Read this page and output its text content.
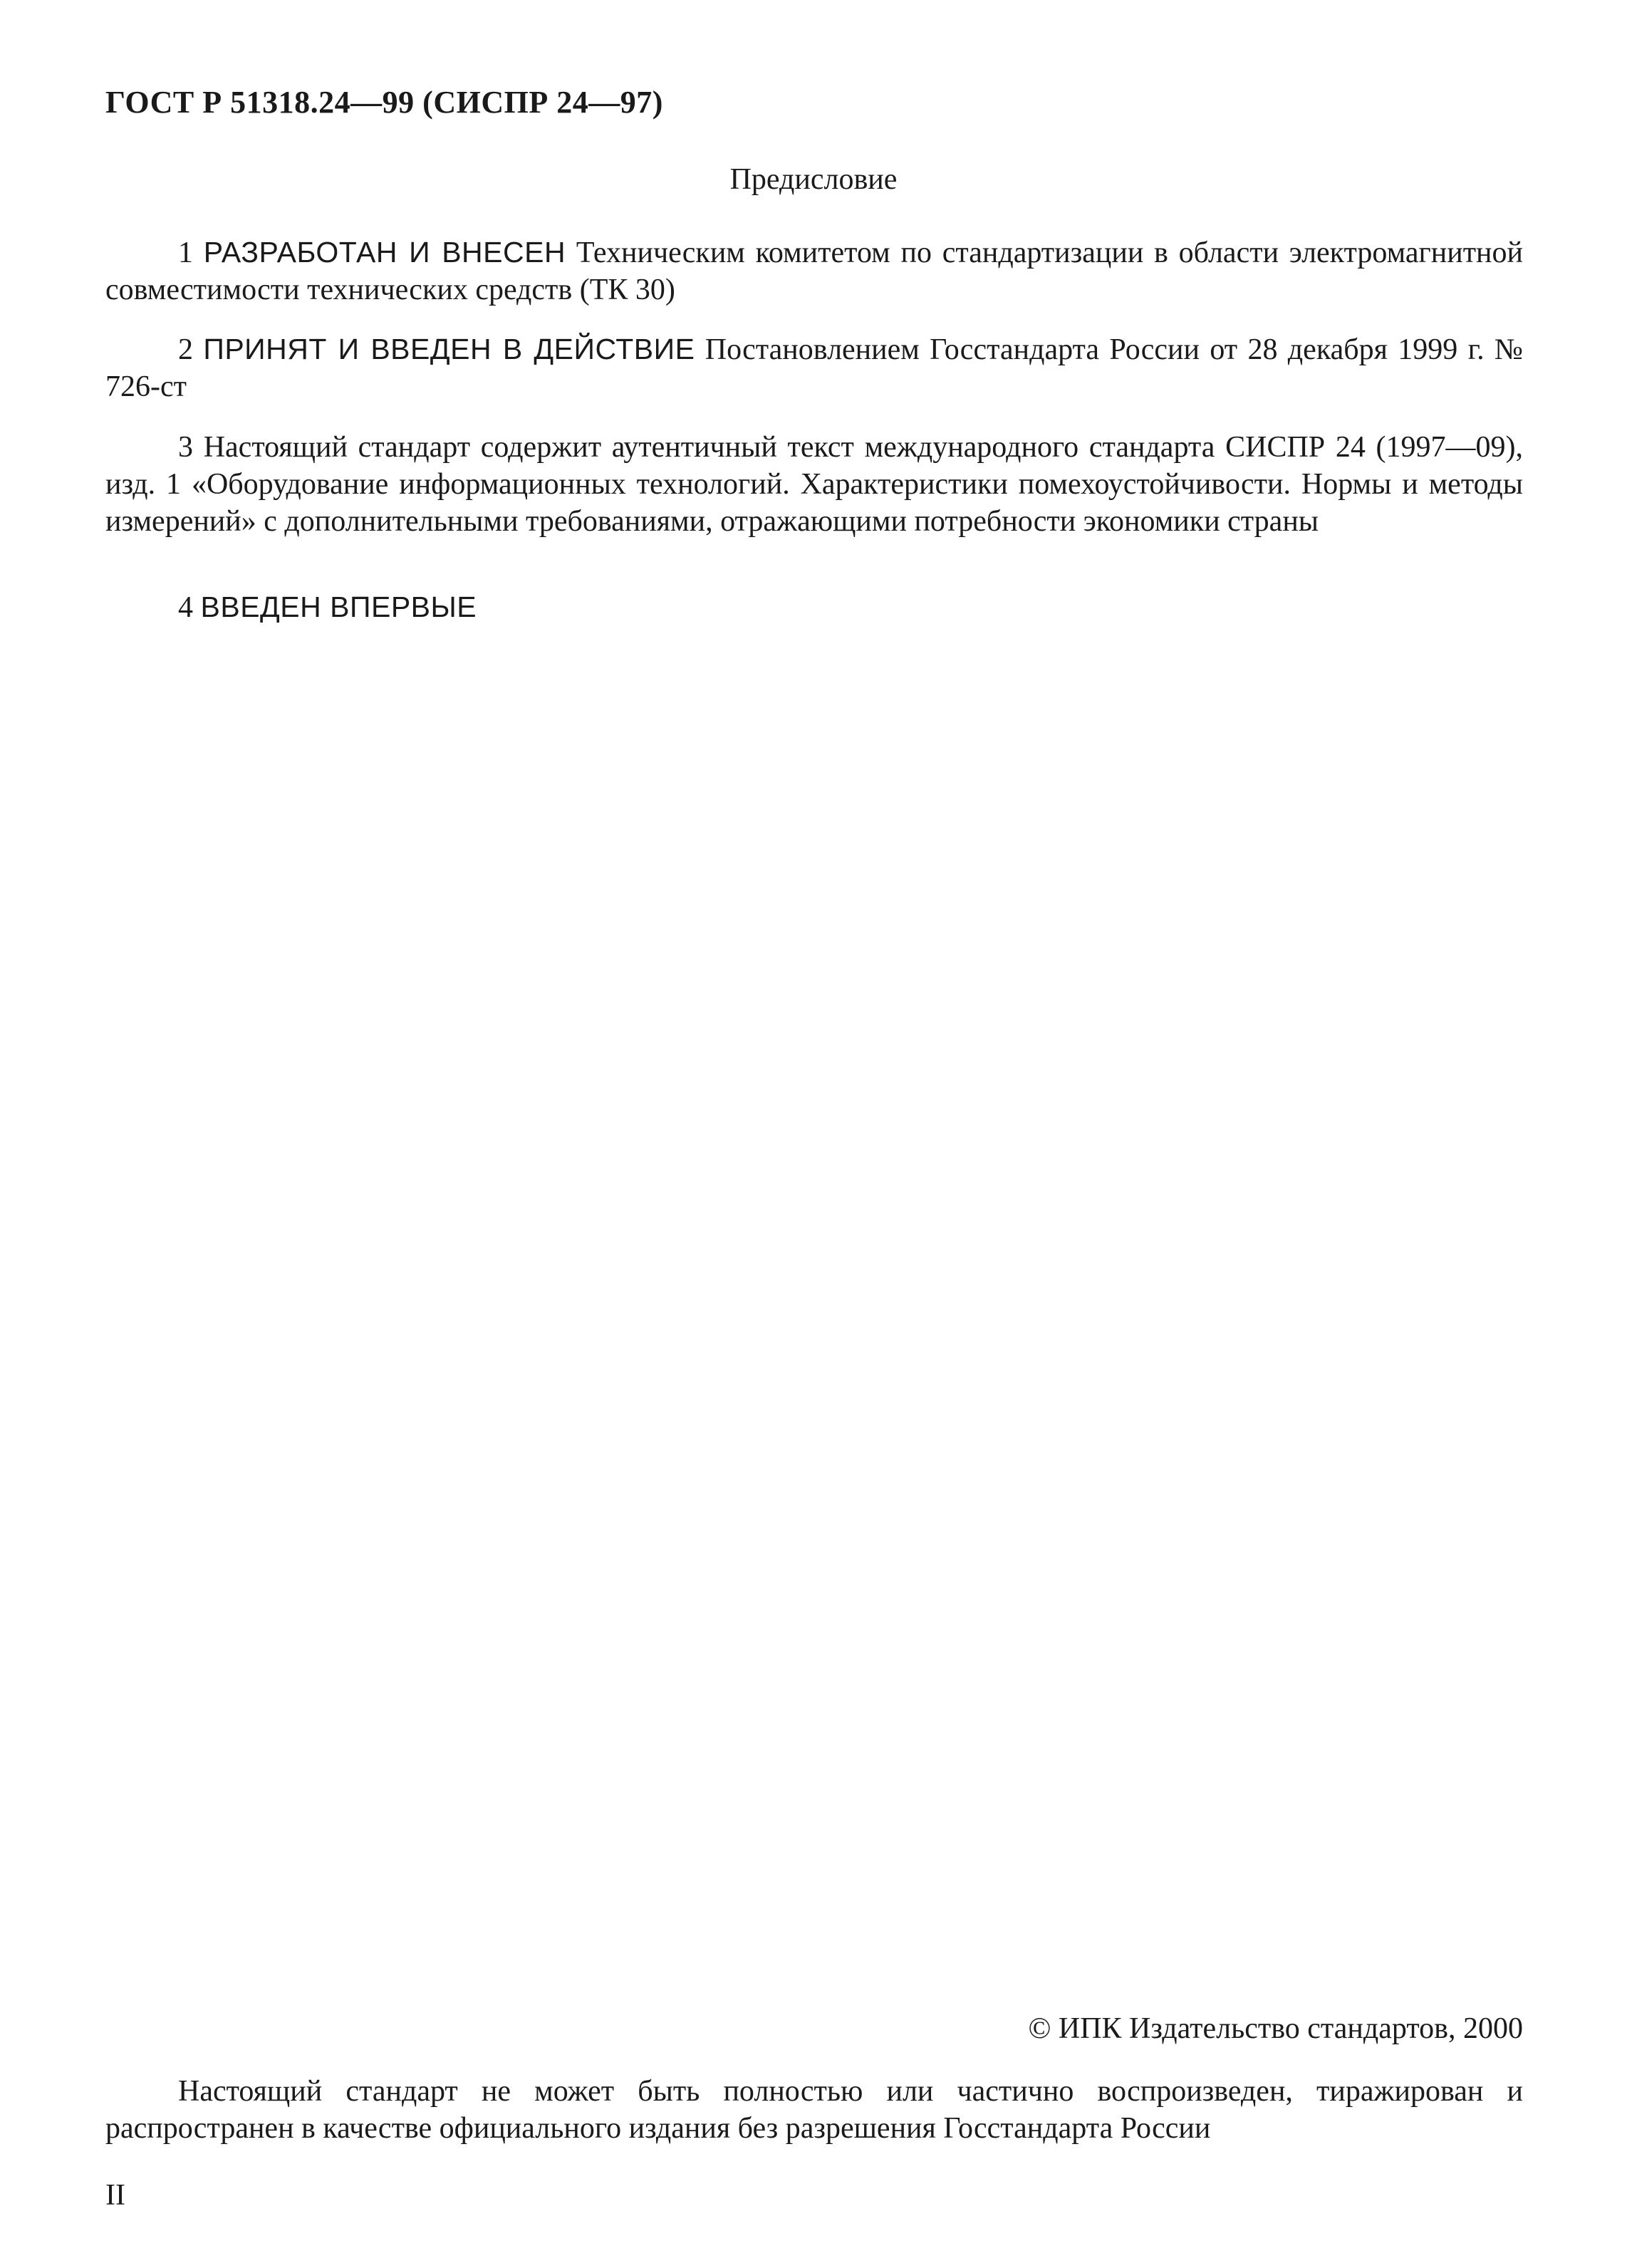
ГОСТ Р 51318.24—99 (СИСПР 24—97)
Предисловие
1 РАЗРАБОТАН И ВНЕСЕН Техническим комитетом по стандартизации в области электромагнитной совместимости технических средств (ТК 30)
2 ПРИНЯТ И ВВЕДЕН В ДЕЙСТВИЕ Постановлением Госстандарта России от 28 декабря 1999 г. № 726-ст
3 Настоящий стандарт содержит аутентичный текст международного стандарта СИСПР 24 (1997—09), изд. 1 «Оборудование информационных технологий. Характеристики помехоустойчивости. Нормы и методы измерений» с дополнительными требованиями, отражающими потребности экономики страны
4 ВВЕДЕН ВПЕРВЫЕ
© ИПК Издательство стандартов, 2000
Настоящий стандарт не может быть полностью или частично воспроизведен, тиражирован и распространен в качестве официального издания без разрешения Госстандарта России
II
